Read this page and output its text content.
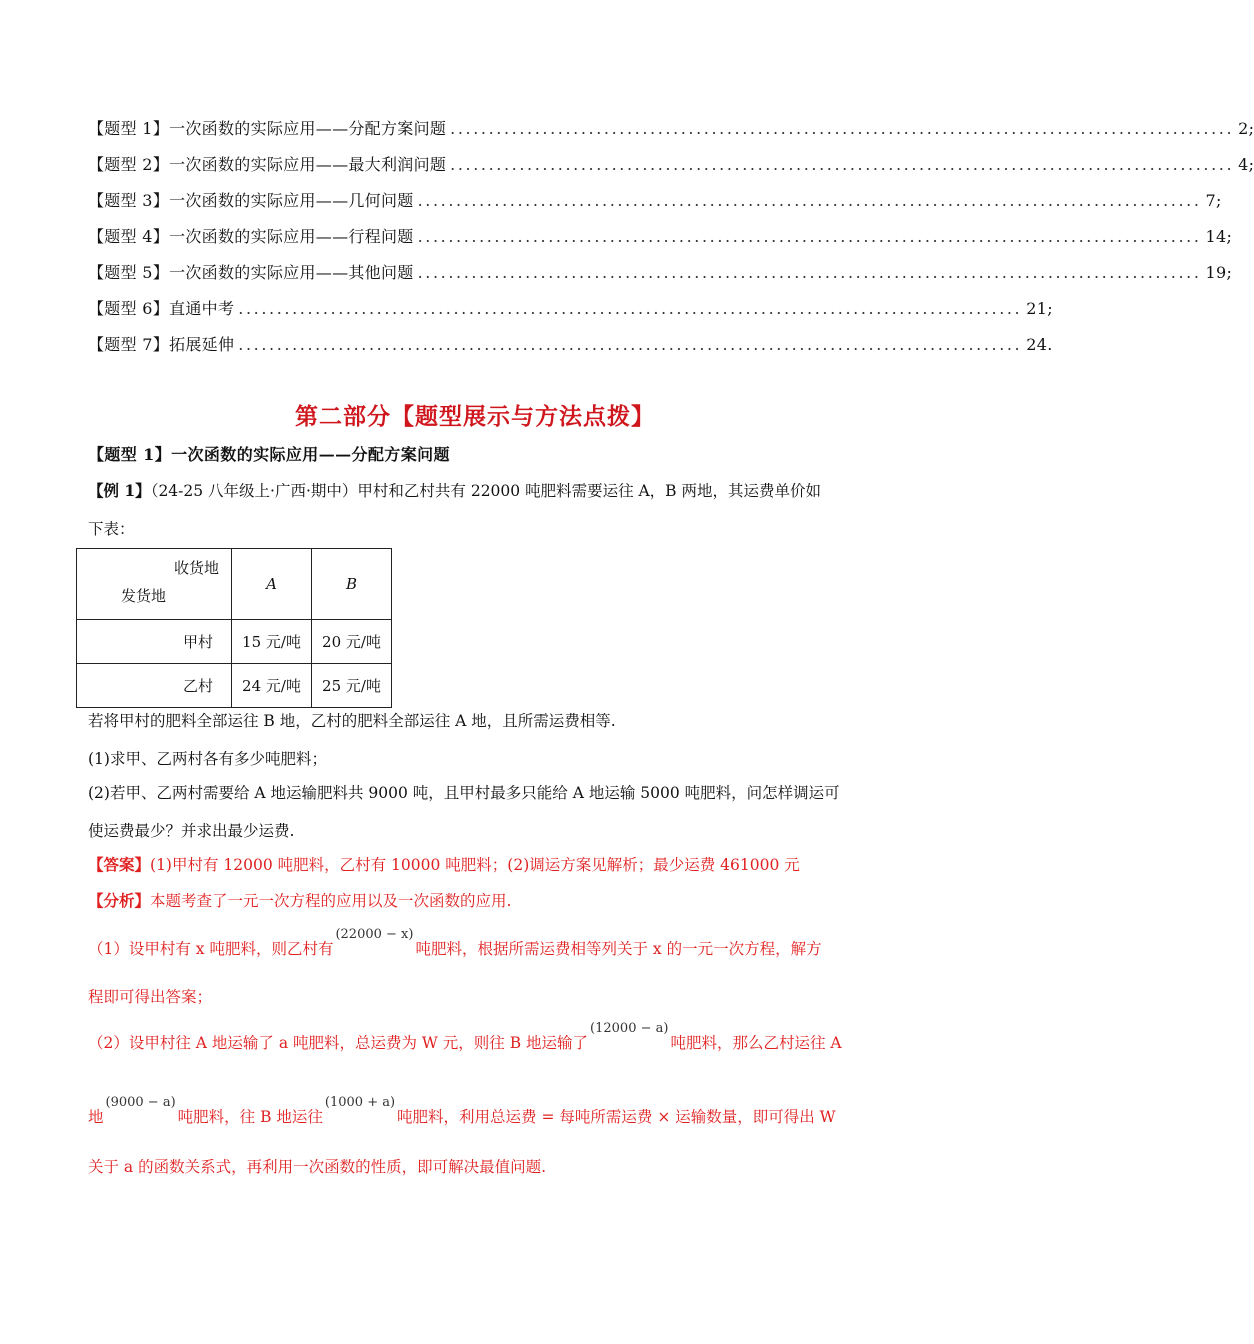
【题型 1】一次函数的实际应用——分配方案问题 ...................................................................................................... 2;
【题型 2】一次函数的实际应用——最大利润问题 ...................................................................................................... 4;
【题型 3】一次函数的实际应用——几何问题 ...................................................................................................... 7;
【题型 4】一次函数的实际应用——行程问题 ...................................................................................................... 14;
【题型 5】一次函数的实际应用——其他问题 ...................................................................................................... 19;
【题型 6】直通中考 ...................................................................................................... 21;
【题型 7】拓展延伸 ...................................................................................................... 24.
第二部分【题型展示与方法点拨】
【题型 1】一次函数的实际应用——分配方案问题
【例 1】（24-25 八年级上·广西·期中）甲村和乙村共有 22000 吨肥料需要运往 A，B 两地，其运费单价如
下表：
收货地
发货地	A	B
甲村	15 元/吨	20 元/吨
乙村	24 元/吨	25 元/吨
若将甲村的肥料全部运往 B 地，乙村的肥料全部运往 A 地，且所需运费相等.
(1)求甲、乙两村各有多少吨肥料；
(2)若甲、乙两村需要给 A 地运输肥料共 9000 吨，且甲村最多只能给 A 地运输 5000 吨肥料，问怎样调运可
使运费最少？并求出最少运费.
【答案】(1)甲村有 12000 吨肥料，乙村有 10000 吨肥料；(2)调运方案见解析；最少运费 461000 元
【分析】本题考查了一元一次方程的应用以及一次函数的应用.
（1）设甲村有 x 吨肥料，则乙村有(22000 − x)吨肥料，根据所需运费相等列关于 x 的一元一次方程，解方
程即可得出答案；
（2）设甲村往 A 地运输了 a 吨肥料，总运费为 W 元，则往 B 地运输了(12000 − a)吨肥料，那么乙村运往 A
地(9000 − a)吨肥料，往 B 地运往(1000 + a)吨肥料，利用总运费 = 每吨所需运费 × 运输数量，即可得出 W
关于 a 的函数关系式，再利用一次函数的性质，即可解决最值问题.
